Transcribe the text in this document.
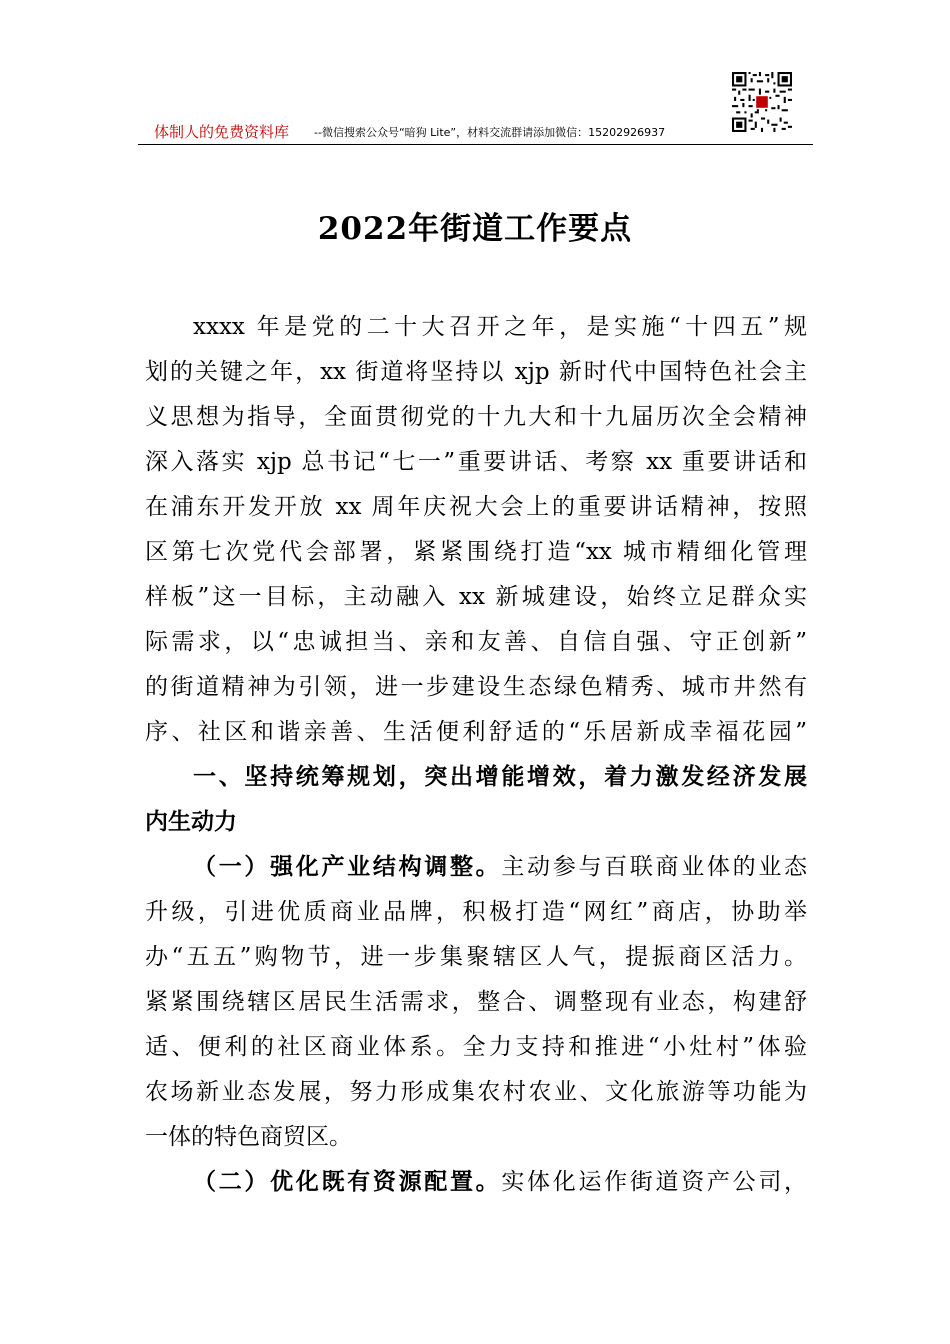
体制人的免费资料库 --微信搜索公众号“暗狗 Lite”，材料交流群请添加微信：15202926937
2022年街道工作要点
xxxx 年是党的二十大召开之年，是实施“十四五”规
划的关键之年，xx 街道将坚持以 xjp 新时代中国特色社会主
义思想为指导，全面贯彻党的十九大和十九届历次全会精神
深入落实 xjp 总书记“七一”重要讲话、考察 xx 重要讲话和
在浦东开发开放 xx 周年庆祝大会上的重要讲话精神，按照
区第七次党代会部署，紧紧围绕打造“xx 城市精细化管理
样板”这一目标，主动融入 xx 新城建设，始终立足群众实
际需求，以“忠诚担当、亲和友善、自信自强、守正创新”
的街道精神为引领，进一步建设生态绿色精秀、城市井然有
序、社区和谐亲善、生活便利舒适的“乐居新成幸福花园”
一、坚持统筹规划，突出增能增效，着力激发经济发展
内生动力
（一）强化产业结构调整。主动参与百联商业体的业态
升级，引进优质商业品牌，积极打造“网红”商店，协助举
办“五五”购物节，进一步集聚辖区人气，提振商区活力。
紧紧围绕辖区居民生活需求，整合、调整现有业态，构建舒
适、便利的社区商业体系。全力支持和推进“小灶村”体验
农场新业态发展，努力形成集农村农业、文化旅游等功能为
一体的特色商贸区。
（二）优化既有资源配置。实体化运作街道资产公司，
